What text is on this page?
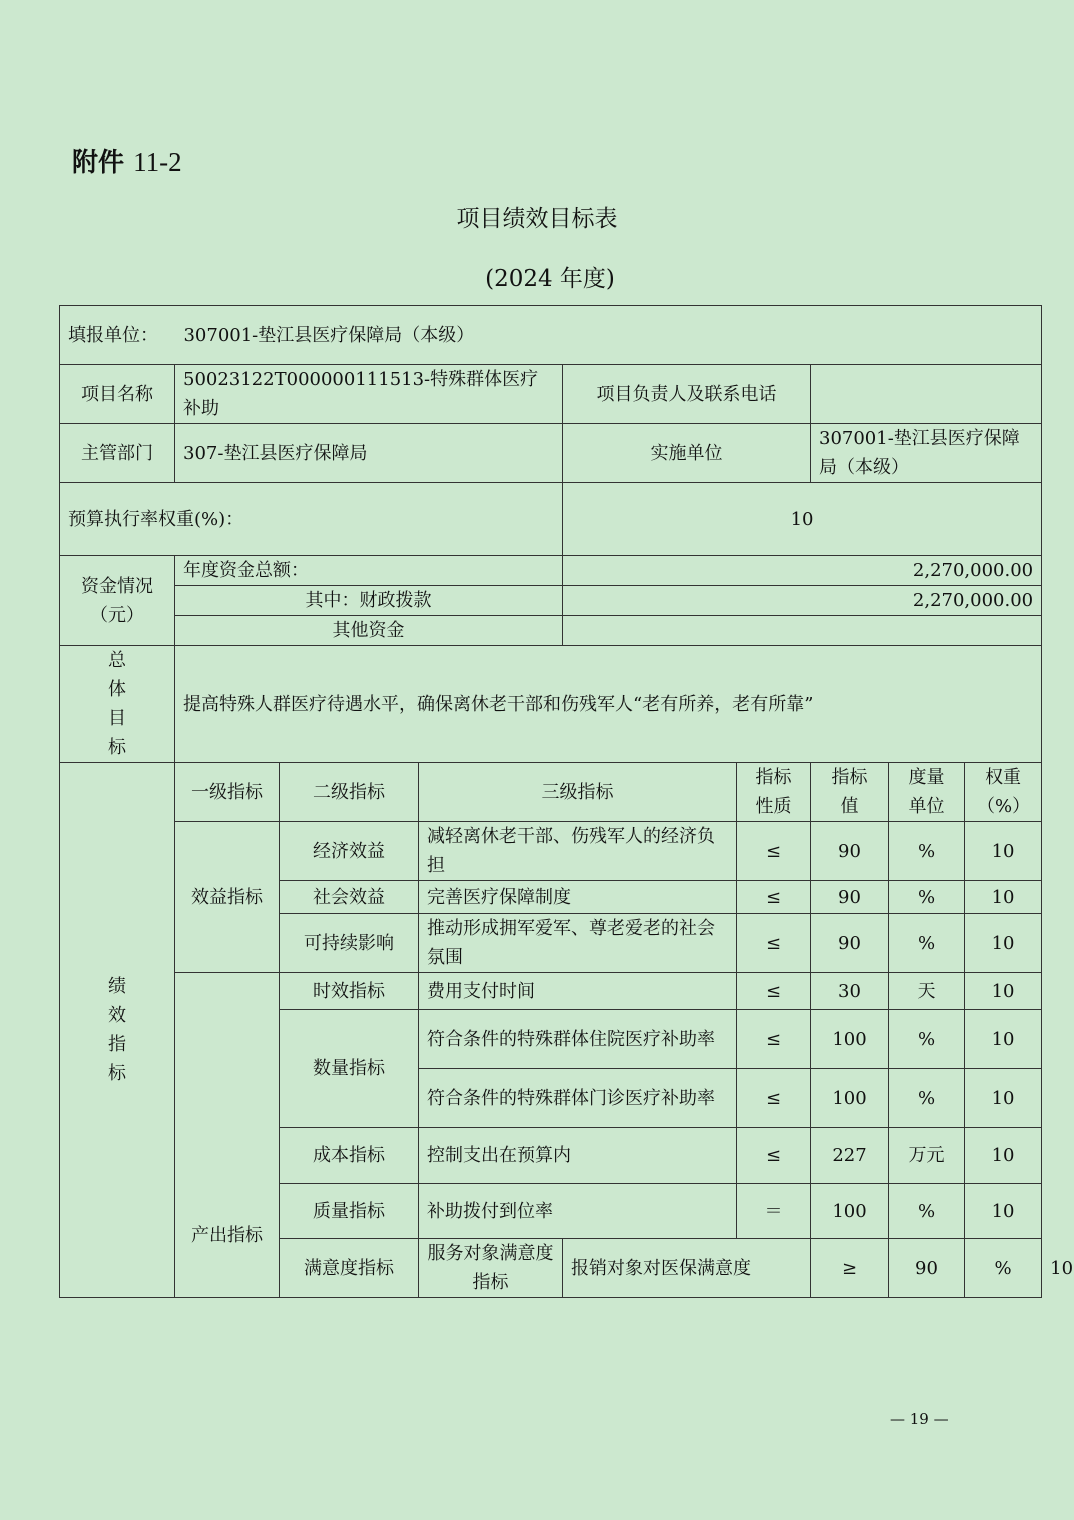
附件 11-2
项目绩效目标表
(2024 年度)
填报单位： 307001-垫江县医疗保障局（本级）									
项目名称	50023122T000000111513-特殊群体医疗补助			项目负责人及联系电话					
主管部门	307-垫江县医疗保障局			实施单位		307001-垫江县医疗保障局（本级）			
预算执行率权重(%)：				10					
资金情况（元）	年度资金总额：			2,270,000.00					
	其中：财政拨款			2,270,000.00					
	其他资金								

总体目标	提高特殊人群医疗待遇水平，确保离休老干部和伤残军人“老有所养，老有所靠”								

绩效指标	一级指标	二级指标	三级指标		指标性质	指标值	度量单位	权重（%）	
	效益指标	经济效益	减轻离休老干部、伤残军人的经济负担		≤	90	%	10	
		社会效益	完善医疗保障制度		≤	90	%	10	
		可持续影响	推动形成拥军爱军、尊老爱老的社会氛围		≤	90	%	10	
	产出指标	时效指标	费用支付时间		≤	30	天	10	
		数量指标	符合条件的特殊群体住院医疗补助率		≤	100	%	10	
			符合条件的特殊群体门诊医疗补助率		≤	100	%	10	
		成本指标	控制支出在预算内		≤	227	万元	10	
		质量指标	补助拨付到位率		＝	100	%	10	
		满意度指标	服务对象满意度指标	报销对象对医保满意度		≥	90	%	10
— 19 —
